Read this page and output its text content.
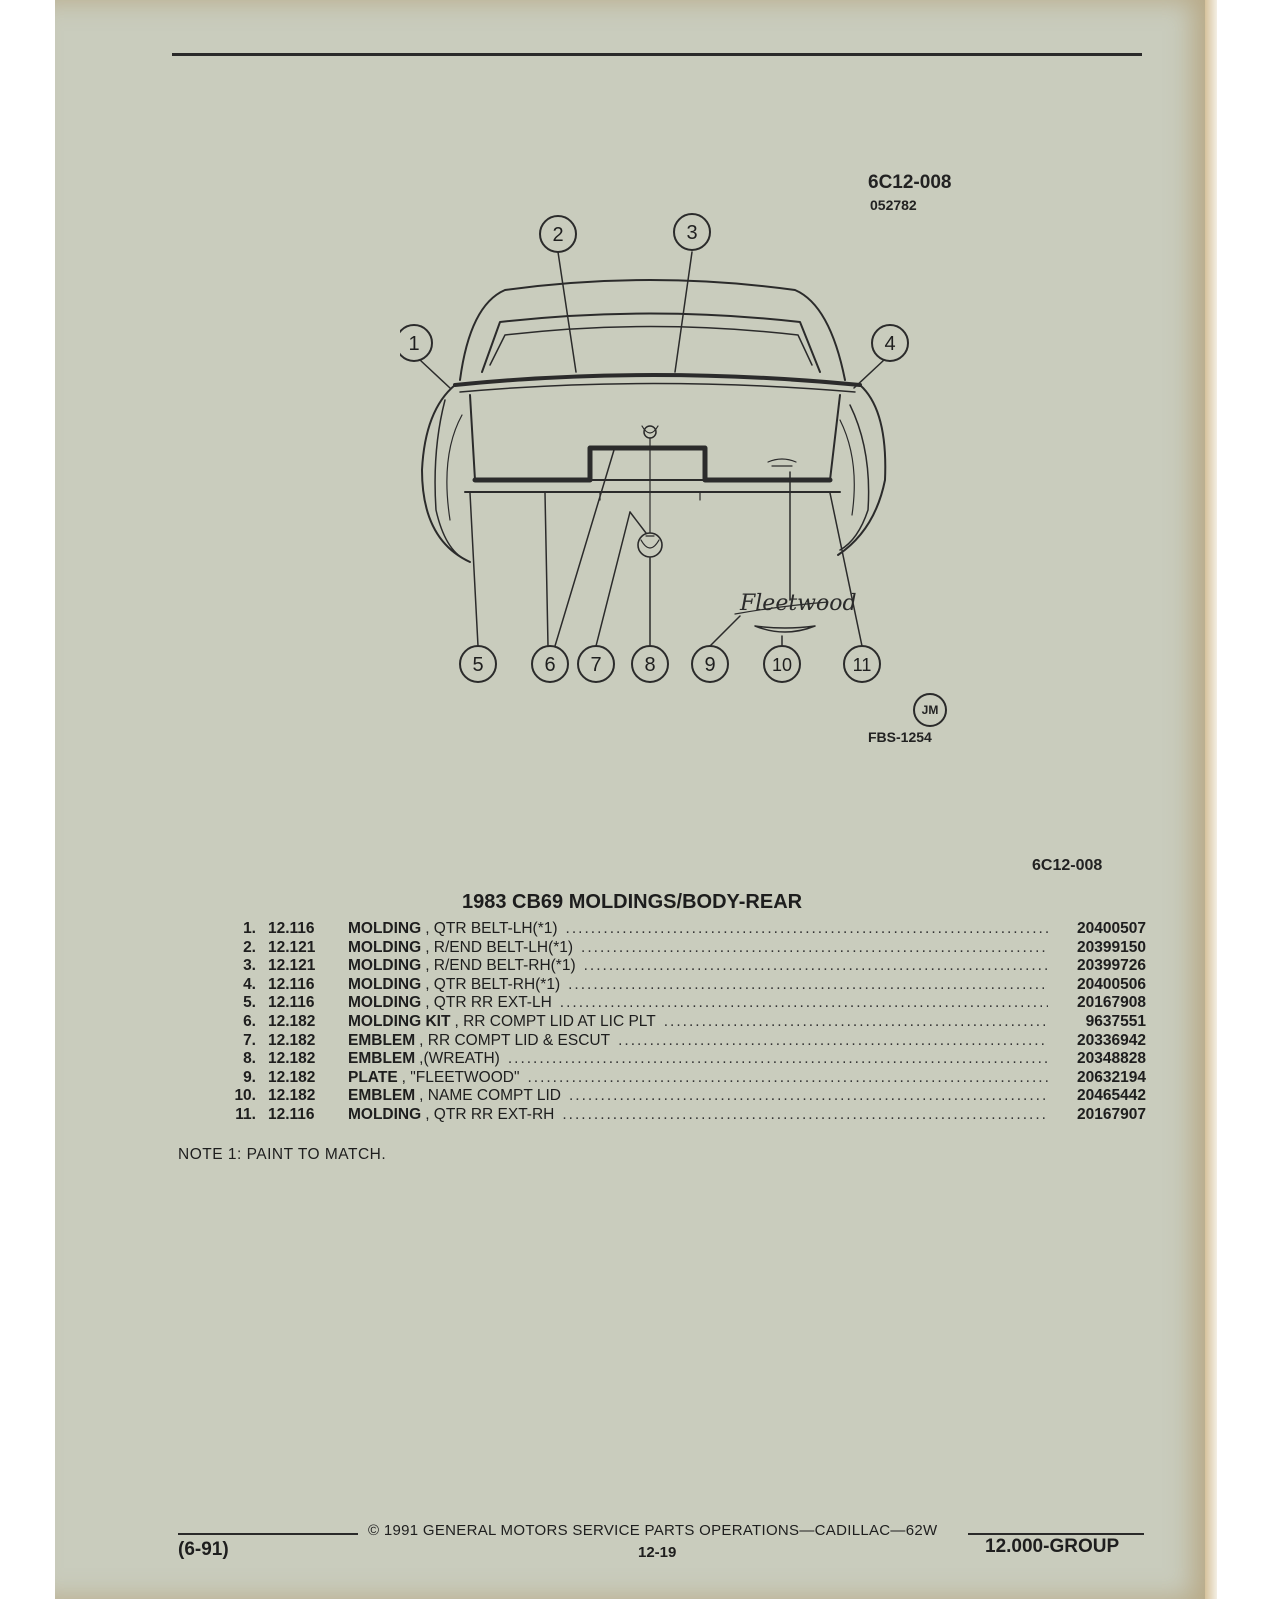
6C12-008
052782
Fleetwood
1
2	3
4
5	6 7 8 9	10	11
JM
FBS-1254
6C12-008
1983 CB69 MOLDINGS/BODY-REAR
1. 12.116	MOLDING , QTR BELT-LH(*1) .....	20400507
2. 12.121	MOLDING , R/END BELT-LH(*1) .....	20399150
3. 12.121	MOLDING , R/END BELT-RH(*1) .....	20399726
4. 12.116	MOLDING , QTR BELT-RH(*1) .....	20400506
5. 12.116	MOLDING , QTR RR EXT-LH .....	20167908
6. 12.182	MOLDING KIT , RR COMPT LID AT LIC PLT .....	9637551
7. 12.182	EMBLEM , RR COMPT LID & ESCUT .....	20336942
8. 12.182	EMBLEM ,(WREATH) .....	20348828
9. 12.182	PLATE , "FLEETWOOD" .....	20632194
10. 12.182	EMBLEM , NAME COMPT LID .....	20465442
11. 12.116	MOLDING , QTR RR EXT-RH .....	20167907
NOTE 1: PAINT TO MATCH.
© 1991 GENERAL MOTORS SERVICE PARTS OPERATIONS—CADILLAC—62W
(6-91)	12-19	12.000-GROUP
